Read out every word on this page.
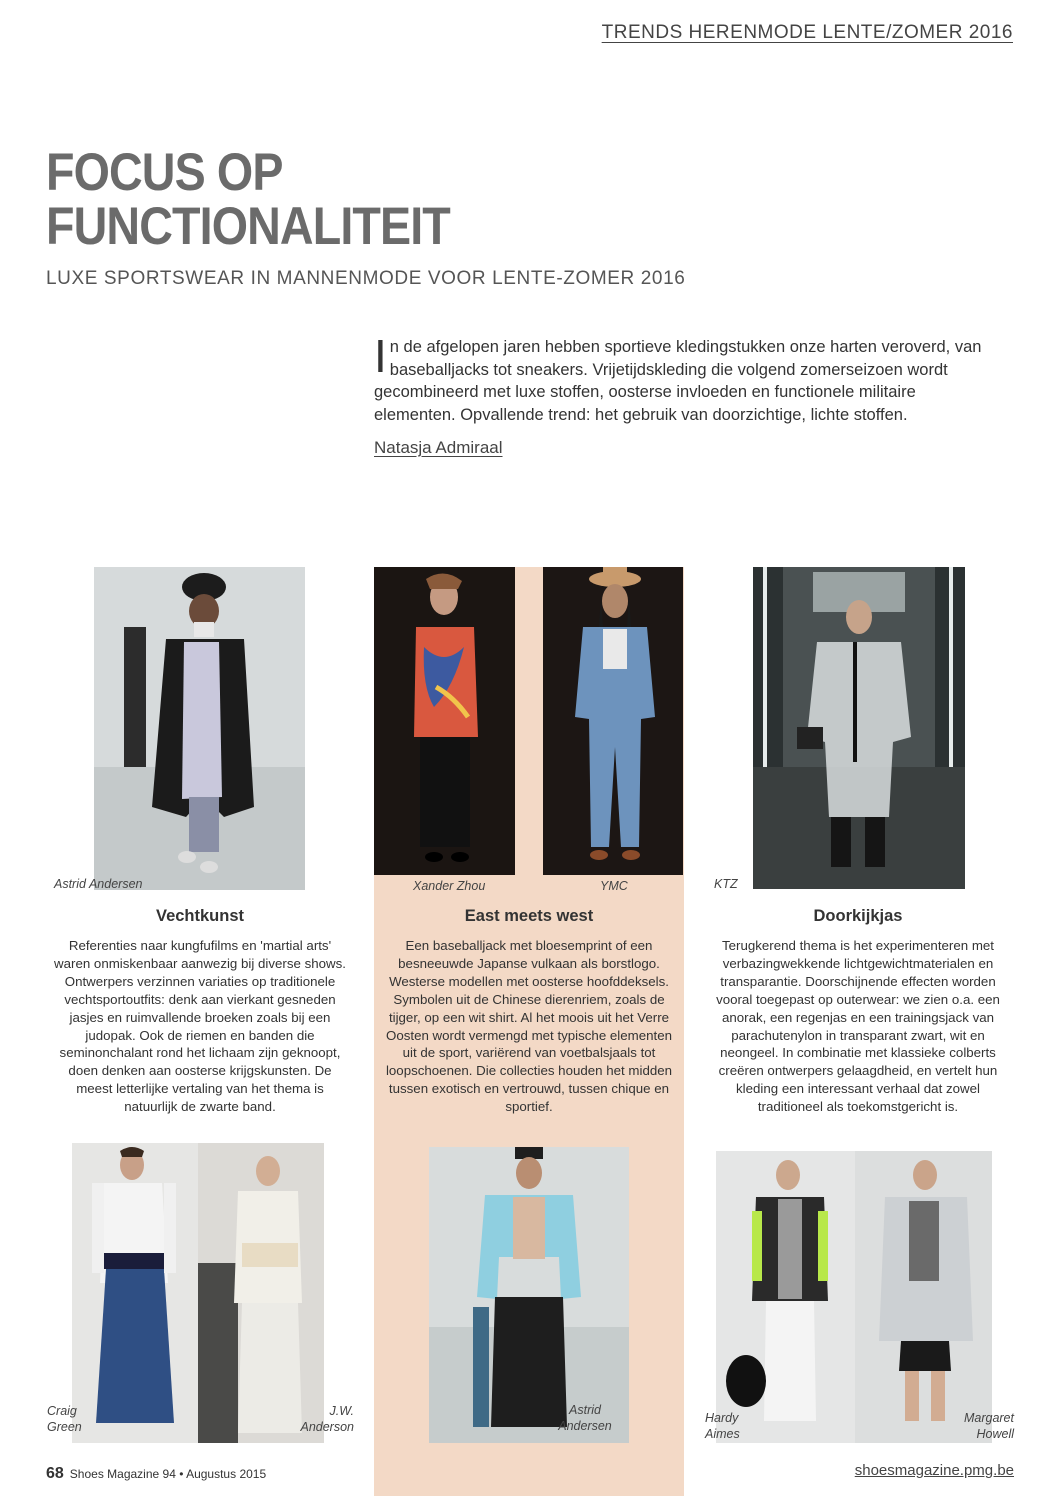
TRENDS HERENMODE LENTE/ZOMER 2016
FOCUS OP
FUNCTIONALITEIT
LUXE SPORTSWEAR IN MANNENMODE VOOR LENTE-ZOMER 2016
In de afgelopen jaren hebben sportieve kledingstukken onze harten veroverd, van baseballjacks tot sneakers. Vrijetijdskleding die volgend zomerseizoen wordt gecombineerd met luxe stoffen, oosterse invloeden en functionele militaire elementen. Opvallende trend: het gebruik van doorzichtige, lichte stoffen.
Natasja Admiraal
Astrid Andersen	Xander Zhou	YMC	KTZ
Vechtkunst	East meets west	Doorkijkjas
Referenties naar kungfufilms en 'martial arts' waren onmiskenbaar aanwezig bij diverse shows. Ontwerpers verzinnen variaties op traditionele vechtsportoutfits: denk aan vierkant gesneden jasjes en ruimvallende broeken zoals bij een judopak. Ook de riemen en banden die seminonchalant rond het lichaam zijn geknoopt, doen denken aan oosterse krijgskunsten. De meest letterlijke vertaling van het thema is natuurlijk de zwarte band.
Een baseballjack met bloesemprint of een besneeuwde Japanse vulkaan als borstlogo. Westerse modellen met oosterse hoofddeksels. Symbolen uit de Chinese dierenriem, zoals de tijger, op een wit shirt. Al het moois uit het Verre Oosten wordt vermengd met typische elementen uit de sport, variërend van voetbalsjaals tot loopschoenen. Die collecties houden het midden tussen exotisch en vertrouwd, tussen chique en sportief.
Terugkerend thema is het experimenteren met verbazingwekkende lichtgewichtmaterialen en transparantie. Doorschijnende effecten worden vooral toegepast op outerwear: we zien o.a. een anorak, een regenjas en een trainingsjack van parachutenylon in transparant zwart, wit en neongeel. In combinatie met klassieke colberts creëren ontwerpers gelaagdheid, en vertelt hun kleding een interessant verhaal dat zowel traditioneel als toekomstgericht is.
Craig
Green
J.W.
Anderson
Astrid
Andersen
Hardy
Aimes
Margaret
Howell
68 Shoes Magazine 94 • Augustus 2015	shoesmagazine.pmg.be
